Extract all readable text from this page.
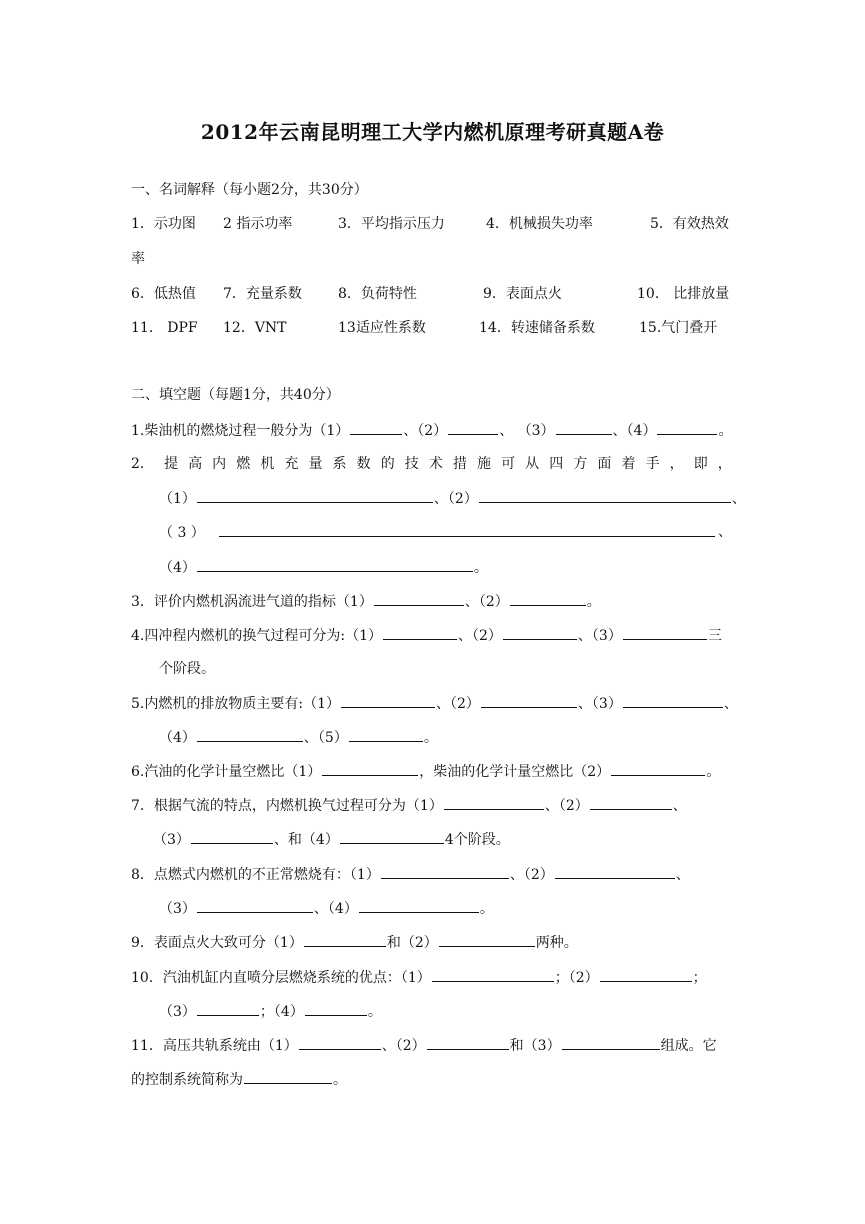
2012年云南昆明理工大学内燃机原理考研真题A卷
一、名词解释（每小题2分，共30分）
1．示功图 2 指示功率	3．平均指示压力	4．机械损失功率	5．有效热效
率
6．低热值 7．充量系数	8．负荷特性	9．表面点火	10． 比排放量
11． DPF 12．VNT	13适应性系数	14．转速储备系数	15.气门叠开
二、填空题（每题1分，共40分）
1.柴油机的燃烧过程一般分为（1）	、（2）	、 （3）	、（4）	。
2． 提 高 内 燃 机 充 量 系 数 的 技 术 措 施 可 从 四 方 面 着 手 ， 即 ，
（1）	、（2）	、
（ 3 ）	、
（4）	。
3．评价内燃机涡流进气道的指标（1）	、（2）	。
4.四冲程内燃机的换气过程可分为:（1）	、（2）	、（3）	三
个阶段。
5.内燃机的排放物质主要有:（1）	、（2）	、（3）	、
（4）	、（5）	。
6.汽油的化学计量空燃比（1）	，柴油的化学计量空燃比（2）	。
7．根据气流的特点，内燃机换气过程可分为（1）	、（2）	、
（3）	、和（4）	4个阶段。
8．点燃式内燃机的不正常燃烧有：（1）	、（2）	、
（3）	、（4）	。
9．表面点火大致可分（1）	和（2）	两种。
10．汽油机缸内直喷分层燃烧系统的优点：（1）	；（2）	；
（3）	；（4）	。
11．高压共轨系统由（1）	、（2）	和（3）	组成。它
的控制系统简称为	。
